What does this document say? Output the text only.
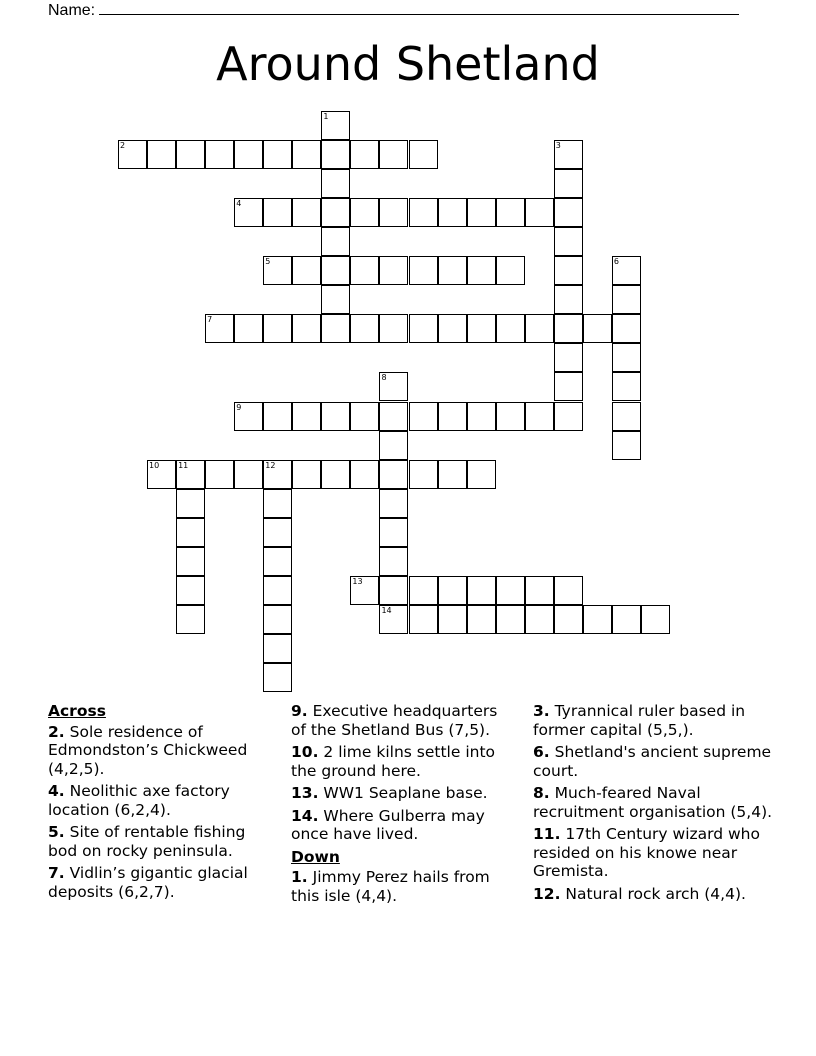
Name:
Around Shetland
1
2	3
4
5	6
7
8
14
9
10 11	12
13
Across
2. Sole residence of Edmondston’s Chickweed (4,2,5).
4. Neolithic axe factory location (6,2,4).
5. Site of rentable fishing bod on rocky peninsula.
7. Vidlin’s gigantic glacial deposits (6,2,7).
9. Executive headquarters of the Shetland Bus (7,5).
10. 2 lime kilns settle into the ground here.
13. WW1 Seaplane base.
14. Where Gulberra may once have lived.
Down
1. Jimmy Perez hails from this isle (4,4).
3. Tyrannical ruler based in former capital (5,5,).
6. Shetland's ancient supreme court.
8. Much-feared Naval recruitment organisation (5,4).
11. 17th Century wizard who resided on his knowe near Gremista.
12. Natural rock arch (4,4).
